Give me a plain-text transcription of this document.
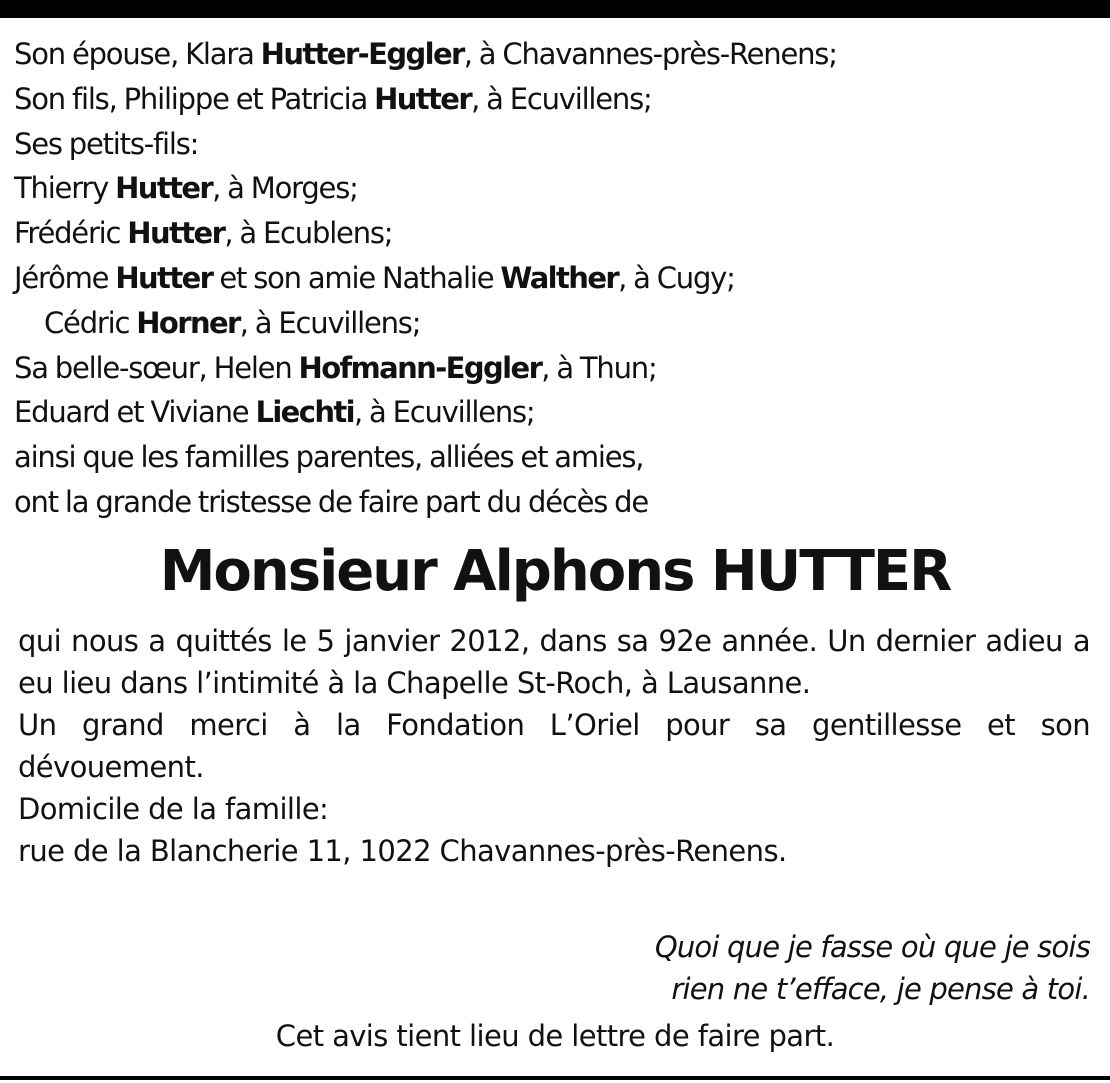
Son épouse, Klara Hutter-Eggler, à Chavannes-près-Renens;
Son fils, Philippe et Patricia Hutter, à Ecuvillens;
Ses petits-fils:
Thierry Hutter, à Morges;
Frédéric Hutter, à Ecublens;
Jérôme Hutter et son amie Nathalie Walther, à Cugy;
Cédric Horner, à Ecuvillens;
Sa belle-sœur, Helen Hofmann-Eggler, à Thun;
Eduard et Viviane Liechti, à Ecuvillens;
ainsi que les familles parentes, alliées et amies,
ont la grande tristesse de faire part du décès de
Monsieur Alphons HUTTER

qui nous a quittés le 5 janvier 2012, dans sa 92e année. Un dernier adieu a eu lieu dans l’intimité à la Chapelle St-Roch, à Lausanne.

Un grand merci à la Fondation L’Oriel pour sa gentillesse et son dévouement.

Domicile de la famille:

rue de la Blancherie 11, 1022 Chavannes-près-Renens.

Quoi que je fasse où que je sois
rien ne t’efface, je pense à toi.
Cet avis tient lieu de lettre de faire part.
